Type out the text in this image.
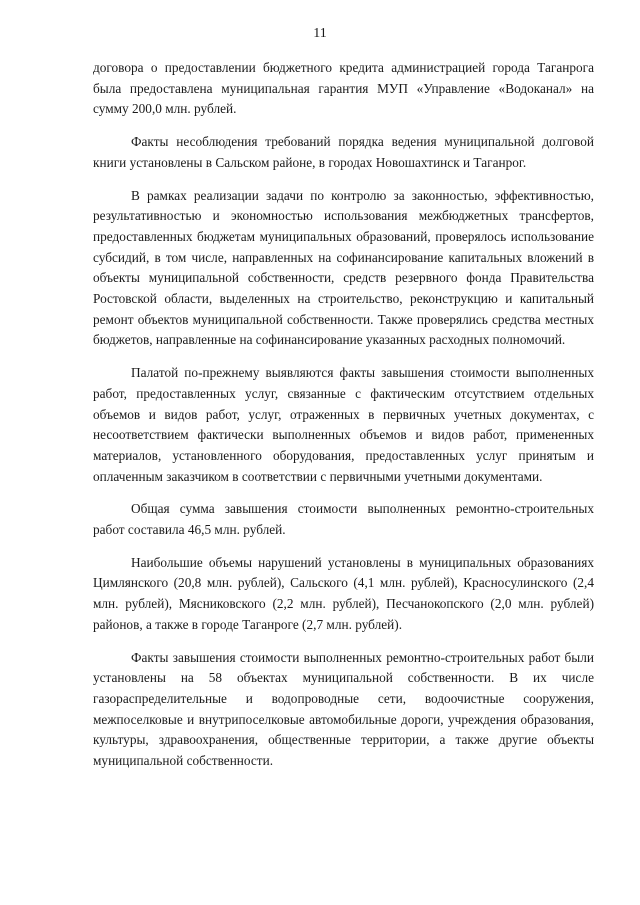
11

договора о предоставлении бюджетного кредита администрацией города Таганрога была предоставлена муниципальная гарантия МУП «Управление «Водоканал» на сумму 200,0 млн. рублей.

Факты несоблюдения требований порядка ведения муниципальной долговой книги установлены в Сальском районе, в городах Новошахтинск и Таганрог.

В рамках реализации задачи по контролю за законностью, эффективностью, результативностью и экономностью использования межбюджетных трансфертов, предоставленных бюджетам муниципальных образований, проверялось использование субсидий, в том числе, направленных на софинансирование капитальных вложений в объекты муниципальной собственности, средств резервного фонда Правительства Ростовской области, выделенных на строительство, реконструкцию и капитальный ремонт объектов муниципальной собственности. Также проверялись средства местных бюджетов, направленные на софинансирование указанных расходных полномочий.

Палатой по-прежнему выявляются факты завышения стоимости выполненных работ, предоставленных услуг, связанные с фактическим отсутствием отдельных объемов и видов работ, услуг, отраженных в первичных учетных документах, с несоответствием фактически выполненных объемов и видов работ, примененных материалов, установленного оборудования, предоставленных услуг принятым и оплаченным заказчиком в соответствии с первичными учетными документами.

Общая сумма завышения стоимости выполненных ремонтно-строительных работ составила 46,5 млн. рублей.

Наибольшие объемы нарушений установлены в муниципальных образованиях Цимлянского (20,8 млн. рублей), Сальского (4,1 млн. рублей), Красносулинского (2,4 млн. рублей), Мясниковского (2,2 млн. рублей), Песчанокопского (2,0 млн. рублей) районов, а также в городе Таганроге (2,7 млн. рублей).

Факты завышения стоимости выполненных ремонтно-строительных работ были установлены на 58 объектах муниципальной собственности. В их числе газораспределительные и водопроводные сети, водоочистные сооружения, межпоселковые и внутрипоселковые автомобильные дороги, учреждения образования, культуры, здравоохранения, общественные территории, а также другие объекты муниципальной собственности.
